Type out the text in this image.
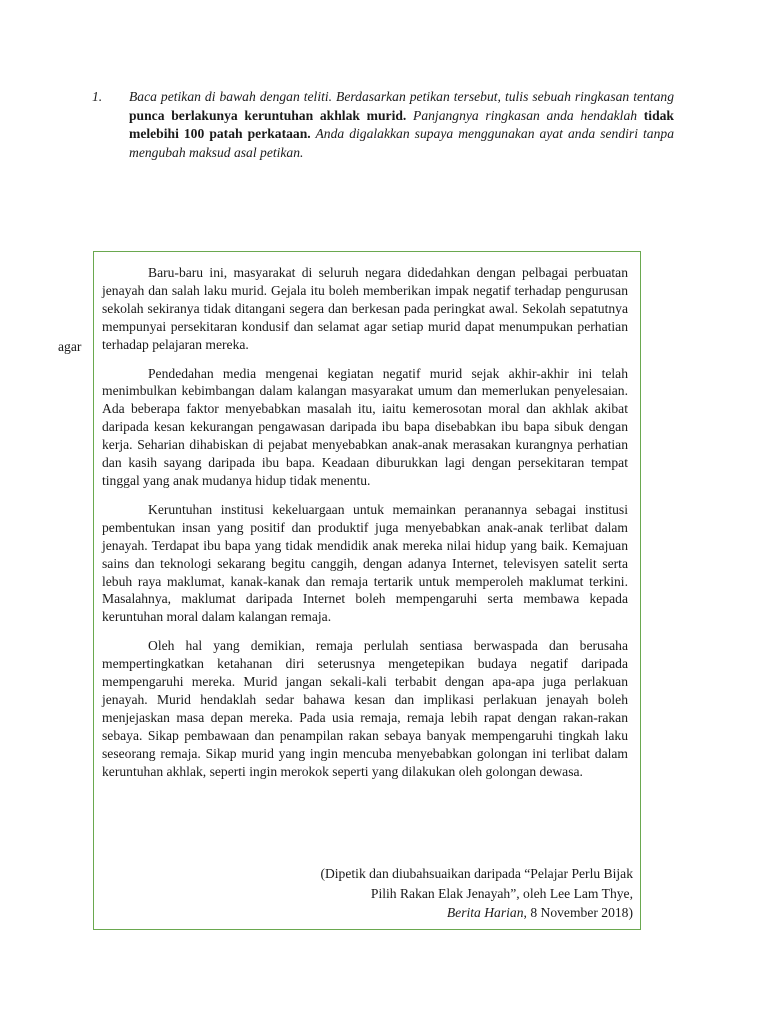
1. Baca petikan di bawah dengan teliti. Berdasarkan petikan tersebut, tulis sebuah ringkasan tentang punca berlakunya keruntuhan akhlak murid. Panjangnya ringkasan anda hendaklah tidak melebihi 100 patah perkataan. Anda digalakkan supaya menggunakan ayat anda sendiri tanpa mengubah maksud asal petikan.
agar

Baru-baru ini, masyarakat di seluruh negara didedahkan dengan pelbagai perbuatan jenayah dan salah laku murid. Gejala itu boleh memberikan impak negatif terhadap pengurusan sekolah sekiranya tidak ditangani segera dan berkesan pada peringkat awal. Sekolah sepatutnya mempunyai persekitaran kondusif dan selamat agar setiap murid dapat menumpukan perhatian terhadap pelajaran mereka.

Pendedahan media mengenai kegiatan negatif murid sejak akhir-akhir ini telah menimbulkan kebimbangan dalam kalangan masyarakat umum dan memerlukan penyelesaian. Ada beberapa faktor menyebabkan masalah itu, iaitu kemerosotan moral dan akhlak akibat daripada kesan kekurangan pengawasan daripada ibu bapa disebabkan ibu bapa sibuk dengan kerja. Seharian dihabiskan di pejabat menyebabkan anak-anak merasakan kurangnya perhatian dan kasih sayang daripada ibu bapa. Keadaan diburukkan lagi dengan persekitaran tempat tinggal yang anak mudanya hidup tidak menentu.

Keruntuhan institusi kekeluargaan untuk memainkan peranannya sebagai institusi pembentukan insan yang positif dan produktif juga menyebabkan anak-anak terlibat dalam jenayah. Terdapat ibu bapa yang tidak mendidik anak mereka nilai hidup yang baik. Kemajuan sains dan teknologi sekarang begitu canggih, dengan adanya Internet, televisyen satelit serta lebuh raya maklumat, kanak-kanak dan remaja tertarik untuk memperoleh maklumat terkini. Masalahnya, maklumat daripada Internet boleh mempengaruhi serta membawa kepada keruntuhan moral dalam kalangan remaja.

Oleh hal yang demikian, remaja perlulah sentiasa berwaspada dan berusaha mempertingkatkan ketahanan diri seterusnya mengetepikan budaya negatif daripada mempengaruhi mereka. Murid jangan sekali-kali terbabit dengan apa-apa juga perlakuan jenayah. Murid hendaklah sedar bahawa kesan dan implikasi perlakuan jenayah boleh menjejaskan masa depan mereka. Pada usia remaja, remaja lebih rapat dengan rakan-rakan sebaya. Sikap pembawaan dan penampilan rakan sebaya banyak mempengaruhi tingkah laku seseorang remaja. Sikap murid yang ingin mencuba menyebabkan golongan ini terlibat dalam keruntuhan akhlak, seperti ingin merokok seperti yang dilakukan oleh golongan dewasa.

(Dipetik dan diubahsuaikan daripada “Pelajar Perlu Bijak
Pilih Rakan Elak Jenayah”, oleh Lee Lam Thye,
Berita Harian, 8 November 2018)
